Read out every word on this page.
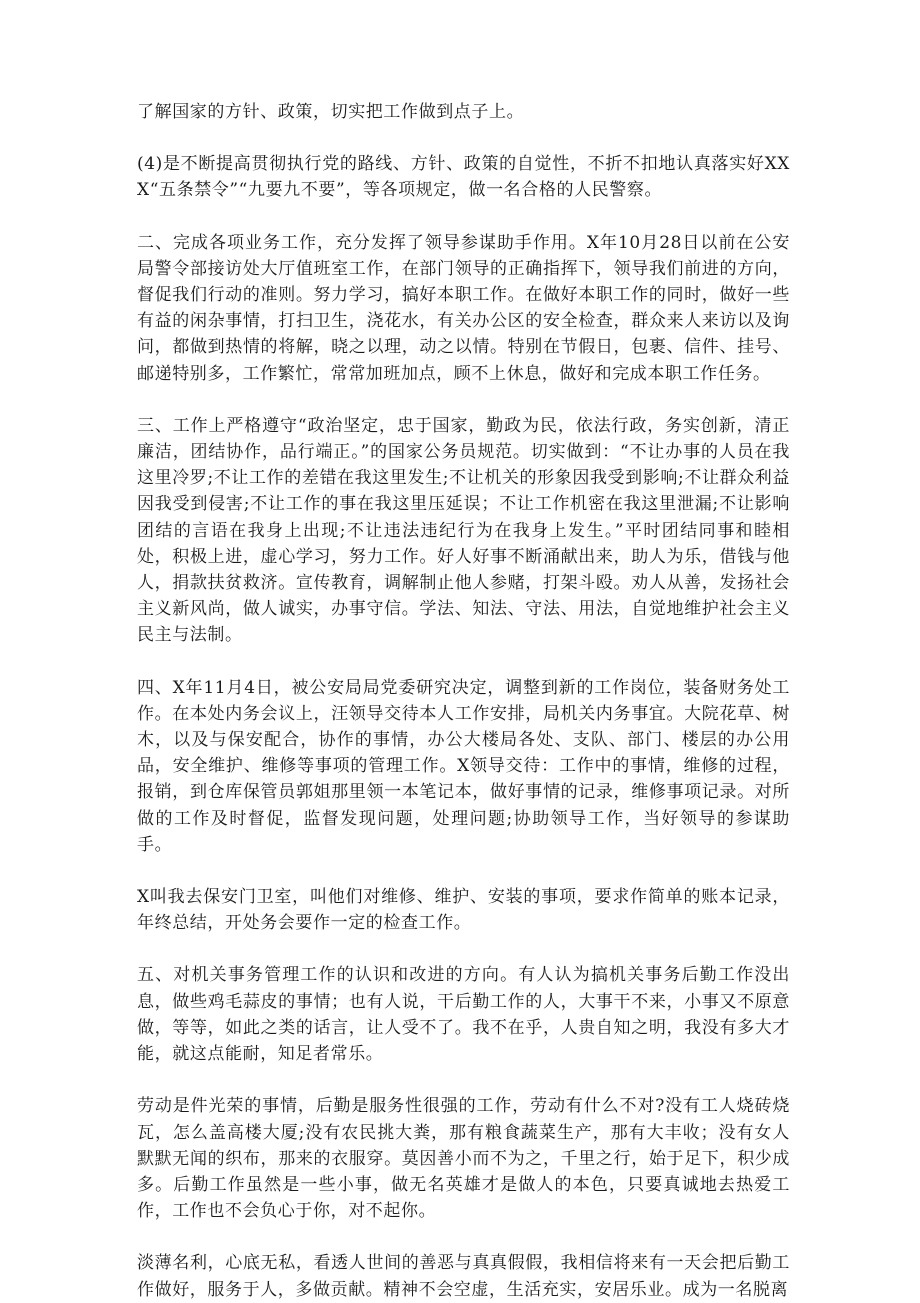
了解国家的方针、政策，切实把工作做到点子上。

(4)是不断提高贯彻执行党的路线、方针、政策的自觉性，不折不扣地认真落实好XXX“五条禁令”“九要九不要”，等各项规定，做一名合格的人民警察。

二、完成各项业务工作，充分发挥了领导参谋助手作用。X年10月28日以前在公安局警令部接访处大厅值班室工作，在部门领导的正确指挥下，领导我们前进的方向，督促我们行动的准则。努力学习，搞好本职工作。在做好本职工作的同时，做好一些有益的闲杂事情，打扫卫生，浇花水，有关办公区的安全检查，群众来人来访以及询问，都做到热情的将解，晓之以理，动之以情。特别在节假日，包裹、信件、挂号、邮递特别多，工作繁忙，常常加班加点，顾不上休息，做好和完成本职工作任务。

三、工作上严格遵守“政治坚定，忠于国家，勤政为民，依法行政，务实创新，清正廉洁，团结协作，品行端正。”的国家公务员规范。切实做到：“不让办事的人员在我这里冷罗;不让工作的差错在我这里发生;不让机关的形象因我受到影响;不让群众利益因我受到侵害;不让工作的事在我这里压延误；不让工作机密在我这里泄漏;不让影响团结的言语在我身上出现;不让违法违纪行为在我身上发生。”平时团结同事和睦相处，积极上进，虚心学习，努力工作。好人好事不断涌献出来，助人为乐，借钱与他人，捐款扶贫救济。宣传教育，调解制止他人参赌，打架斗殴。劝人从善，发扬社会主义新风尚，做人诚实，办事守信。学法、知法、守法、用法，自觉地维护社会主义民主与法制。

四、X年11月4日，被公安局局党委研究决定，调整到新的工作岗位，装备财务处工作。在本处内务会议上，汪领导交待本人工作安排，局机关内务事宜。大院花草、树木，以及与保安配合，协作的事情，办公大楼局各处、支队、部门、楼层的办公用品，安全维护、维修等事项的管理工作。X领导交待：工作中的事情，维修的过程，报销，到仓库保管员郭姐那里领一本笔记本，做好事情的记录，维修事项记录。对所做的工作及时督促，监督发现问题，处理问题;协助领导工作，当好领导的参谋助手。

X叫我去保安门卫室，叫他们对维修、维护、安装的事项，要求作简单的账本记录，年终总结，开处务会要作一定的检查工作。

五、对机关事务管理工作的认识和改进的方向。有人认为搞机关事务后勤工作没出息，做些鸡毛蒜皮的事情；也有人说，干后勤工作的人，大事干不来，小事又不原意做，等等，如此之类的话言，让人受不了。我不在乎，人贵自知之明，我没有多大才能，就这点能耐，知足者常乐。

劳动是件光荣的事情，后勤是服务性很强的工作，劳动有什么不对?没有工人烧砖烧瓦，怎么盖高楼大厦;没有农民挑大粪，那有粮食蔬菜生产，那有大丰收；没有女人默默无闻的织布，那来的衣服穿。莫因善小而不为之，千里之行，始于足下，积少成多。后勤工作虽然是一些小事，做无名英雄才是做人的本色，只要真诚地去热爱工作，工作也不会负心于你，对不起你。

淡薄名利，心底无私，看透人世间的善恶与真真假假，我相信将来有一天会把后勤工作做好，服务于人，多做贡献。精神不会空虚，生活充实，安居乐业。成为一名脱离
